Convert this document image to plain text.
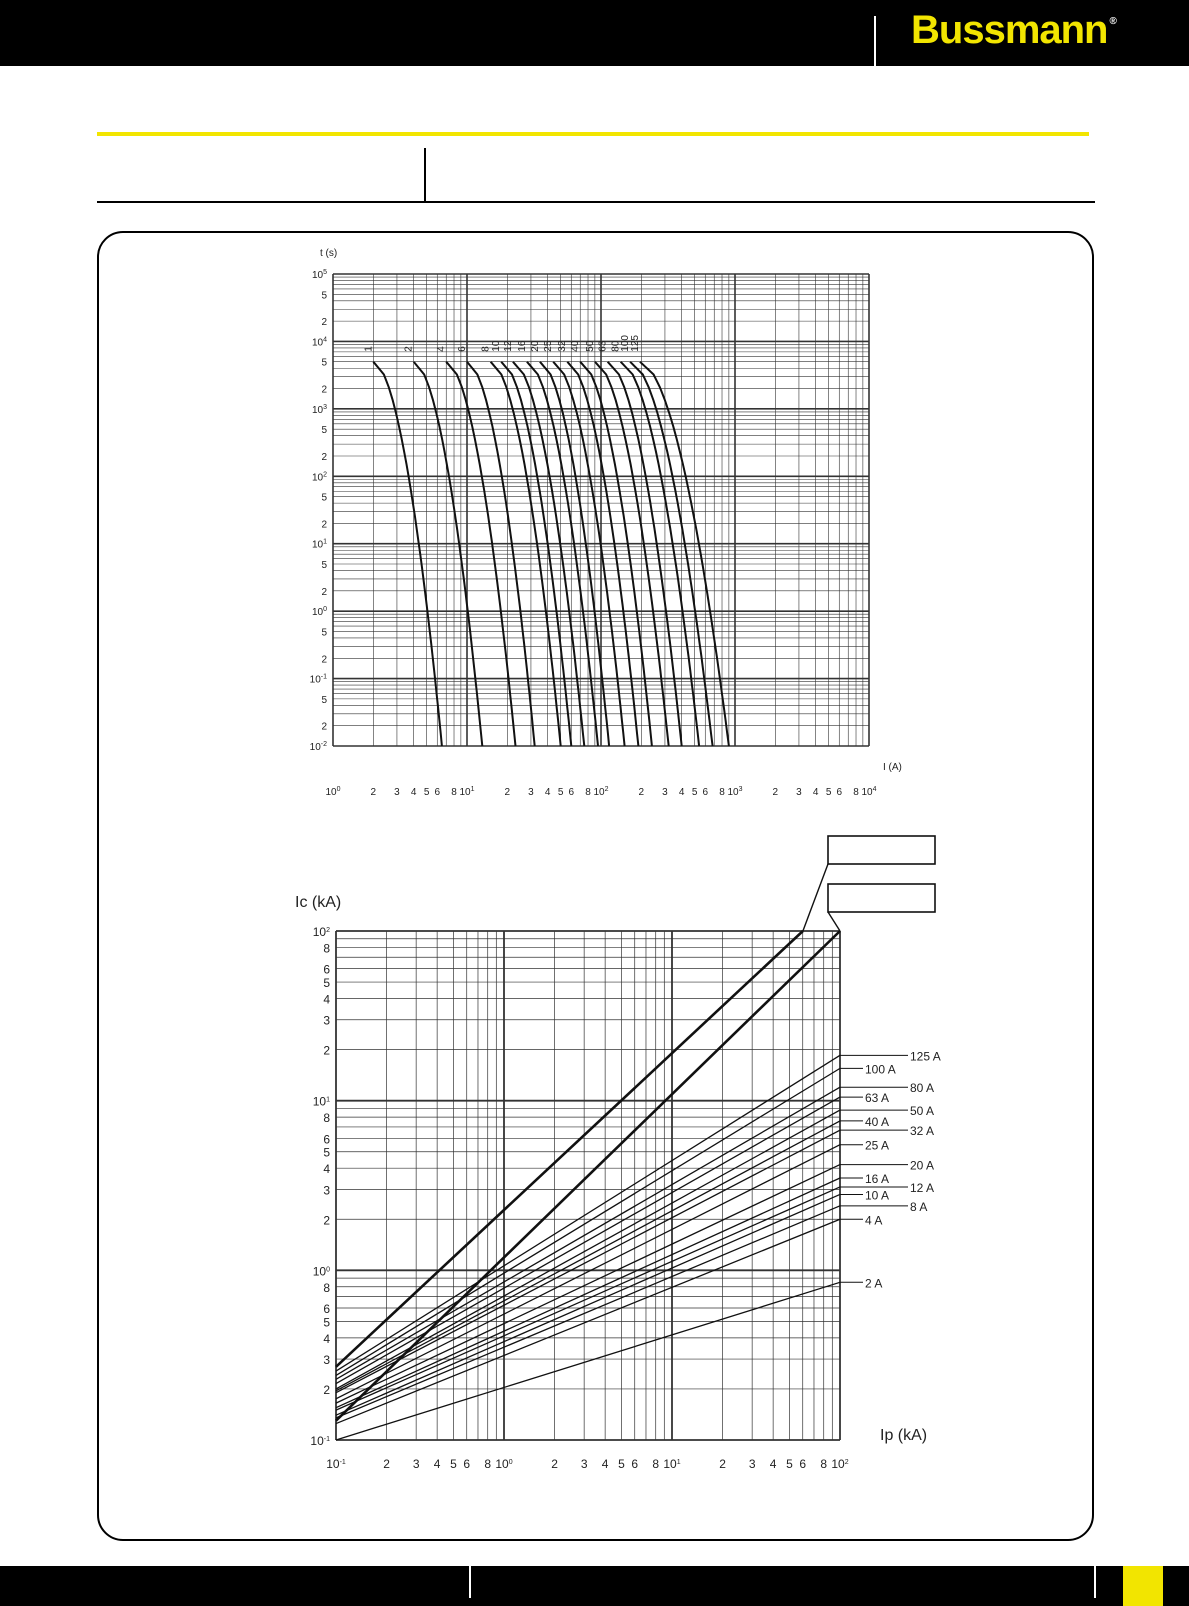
Bussmann ®
$10^0$	2 3 4 5 6 8 $10^1$	2 3 4 5 6 8 $10^2$	2 3 4 5 6 8 $10^3$	2 3 4 5 6 8 $10^4$
$10^5$
5
2
$10^4$
5
2
$10^3$
5
2
$10^2$
5
2
$10^1$
5
2
$10^0$
5
2
$10^{-1}$
5
2
$10^{-2}$
I (A)
t (s)
1	2 4 6 8 10 12 16 20 25 32 40 50 63 80
100
125
$10^{-1}$	2 3 4 5 6 8 $10^0$	2 3 4 5 6 8 $10^1$	2 3 4 5 6 8 $10^2$
$10^2$
8
6
5
4
3
2
$10^1$
8
6
5
4
3
2
$10^0$
8
6
5
4
3
2
$10^{-1}$	Ip (kA)
Ic (kA)
125 A
100 A
80 A
63 A
50 A
40 A
32 A
25 A
20 A
16 A
12 A
10 A
8 A
4 A
2 A
